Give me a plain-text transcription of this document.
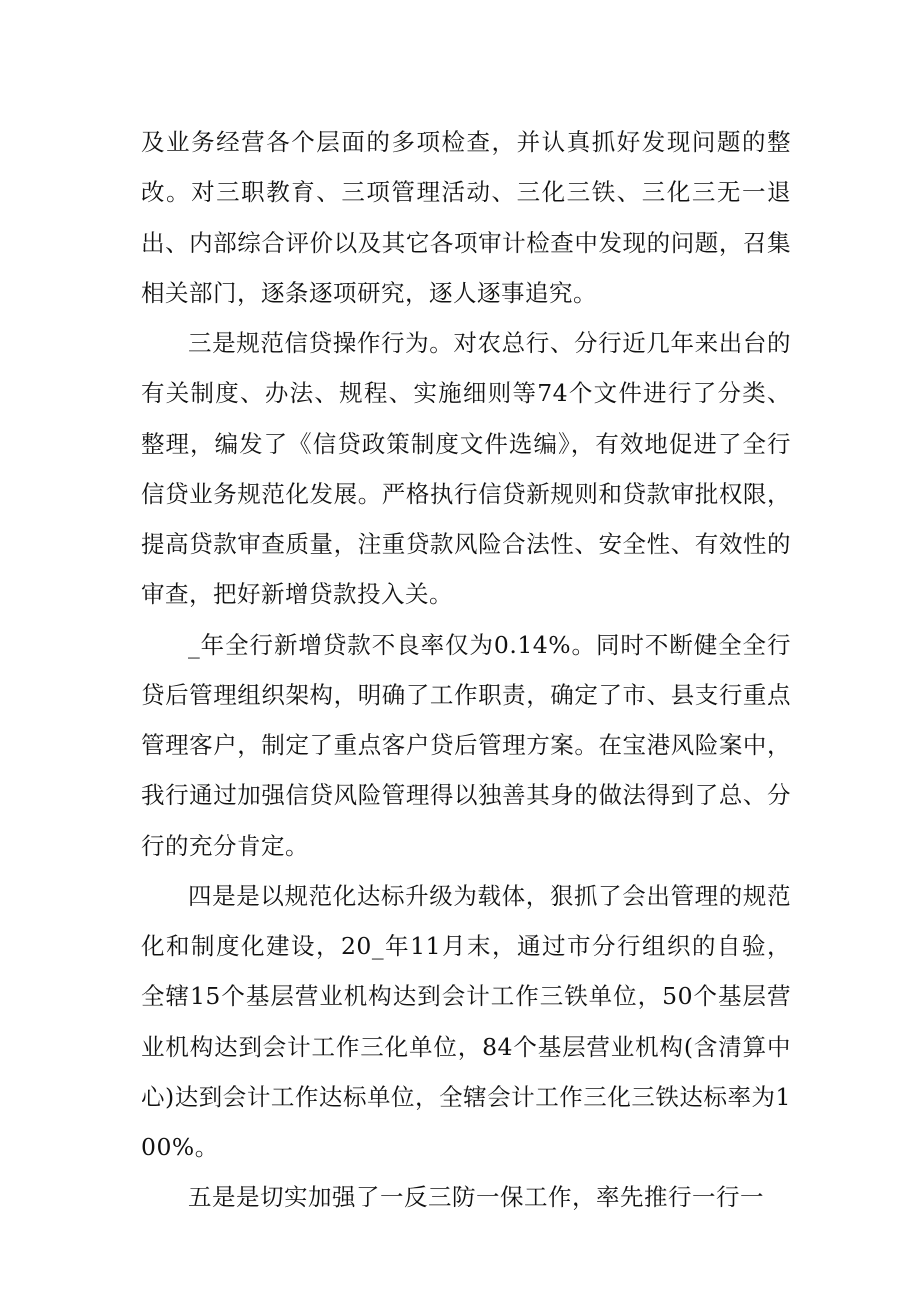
及业务经营各个层面的多项检查，并认真抓好发现问题的整改。对三职教育、三项管理活动、三化三铁、三化三无一退出、内部综合评价以及其它各项审计检查中发现的问题，召集相关部门，逐条逐项研究，逐人逐事追究。

三是规范信贷操作行为。对农总行、分行近几年来出台的有关制度、办法、规程、实施细则等74个文件进行了分类、整理，编发了《信贷政策制度文件选编》，有效地促进了全行信贷业务规范化发展。严格执行信贷新规则和贷款审批权限，提高贷款审查质量，注重贷款风险合法性、安全性、有效性的审查，把好新增贷款投入关。

_年全行新增贷款不良率仅为0.14%。同时不断健全全行贷后管理组织架构，明确了工作职责，确定了市、县支行重点管理客户，制定了重点客户贷后管理方案。在宝港风险案中，我行通过加强信贷风险管理得以独善其身的做法得到了总、分行的充分肯定。

四是是以规范化达标升级为载体，狠抓了会出管理的规范化和制度化建设，20_年11月末，通过市分行组织的自验，全辖15个基层营业机构达到会计工作三铁单位，50个基层营业机构达到会计工作三化单位，84个基层营业机构(含清算中心)达到会计工作达标单位，全辖会计工作三化三铁达标率为100%。

五是是切实加强了一反三防一保工作，率先推行一行一
